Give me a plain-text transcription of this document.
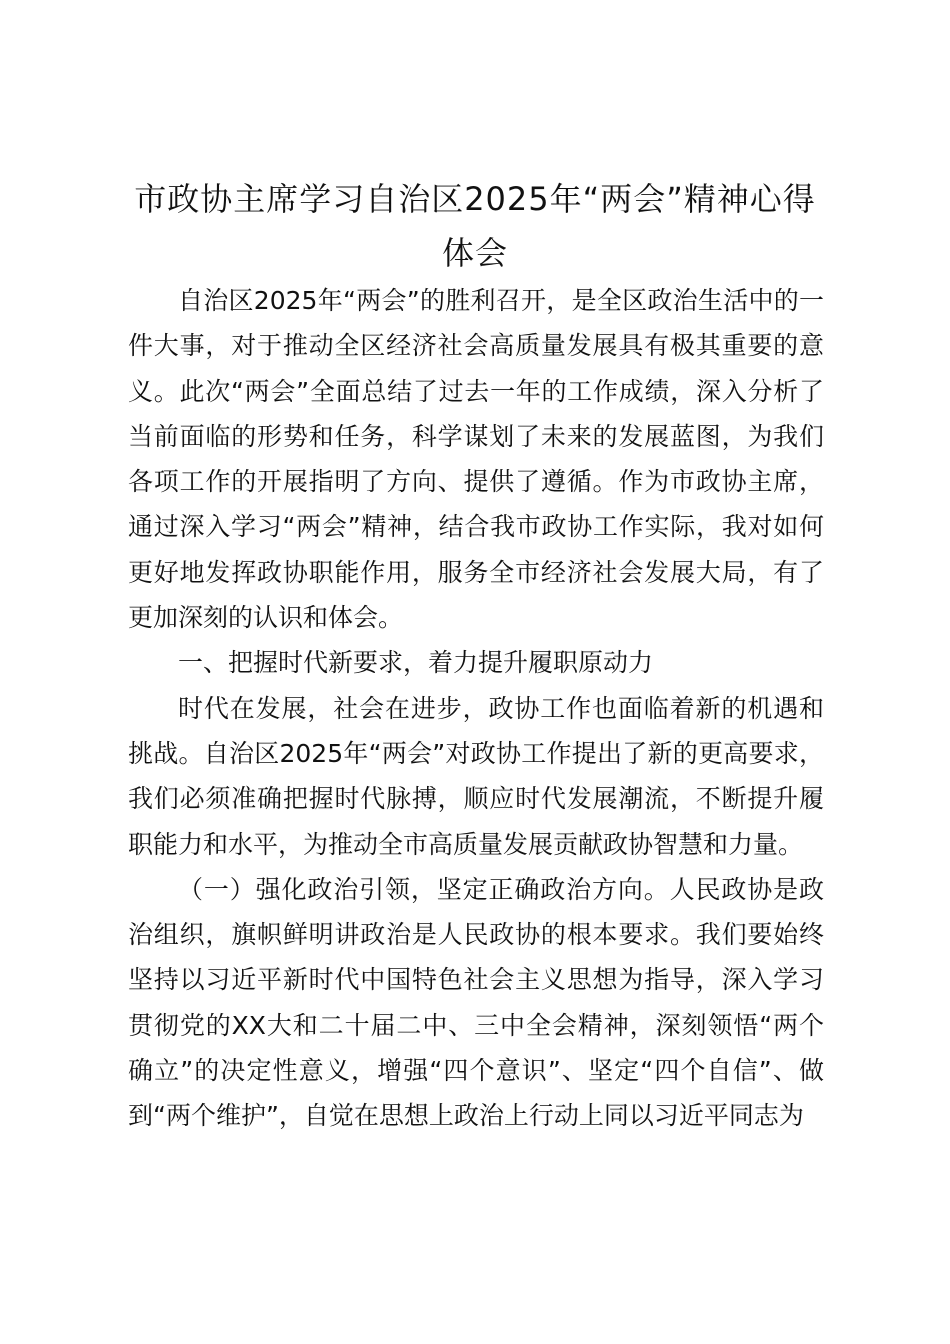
市政协主席学习自治区2025年“两会”精神心得体会

自治区2025年“两会”的胜利召开，是全区政治生活中的一件大事，对于推动全区经济社会高质量发展具有极其重要的意义。此次“两会”全面总结了过去一年的工作成绩，深入分析了当前面临的形势和任务，科学谋划了未来的发展蓝图，为我们各项工作的开展指明了方向、提供了遵循。作为市政协主席，通过深入学习“两会”精神，结合我市政协工作实际，我对如何更好地发挥政协职能作用，服务全市经济社会发展大局，有了更加深刻的认识和体会。

一、把握时代新要求，着力提升履职原动力

时代在发展，社会在进步，政协工作也面临着新的机遇和挑战。自治区2025年“两会”对政协工作提出了新的更高要求，我们必须准确把握时代脉搏，顺应时代发展潮流，不断提升履职能力和水平，为推动全市高质量发展贡献政协智慧和力量。

（一）强化政治引领，坚定正确政治方向。人民政协是政治组织，旗帜鲜明讲政治是人民政协的根本要求。我们要始终坚持以习近平新时代中国特色社会主义思想为指导，深入学习贯彻党的XX大和二十届二中、三中全会精神，深刻领悟“两个确立”的决定性意义，增强“四个意识”、坚定“四个自信”、做到“两个维护”，自觉在思想上政治上行动上同以习近平同志为
